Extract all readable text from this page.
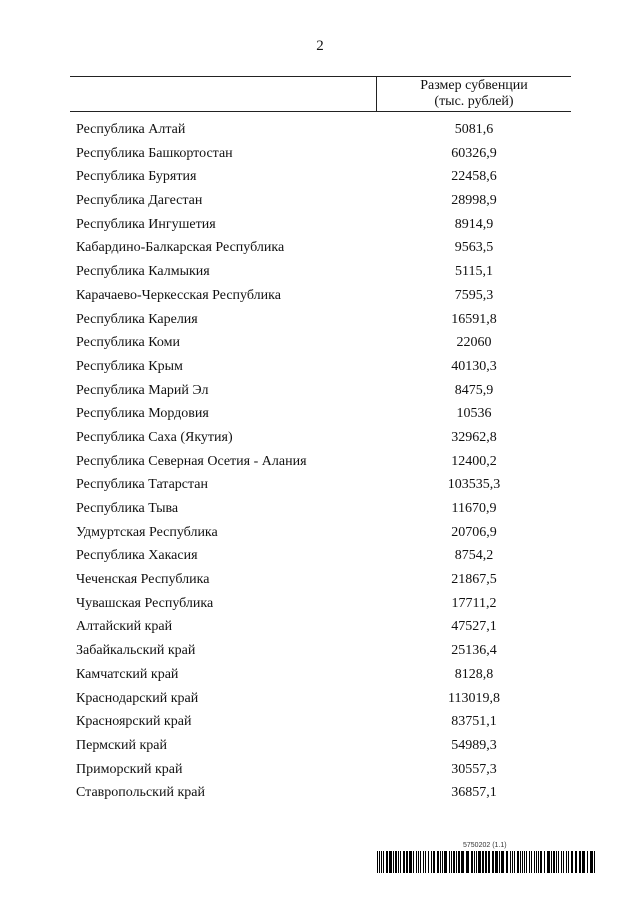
2
Размер субвенции
(тыс. рублей)
Республика Алтай	5081,6
Республика Башкортостан	60326,9
Республика Бурятия	22458,6
Республика Дагестан	28998,9
Республика Ингушетия	8914,9
Кабардино-Балкарская Республика	9563,5
Республика Калмыкия	5115,1
Карачаево-Черкесская Республика	7595,3
Республика Карелия	16591,8
Республика Коми	22060
Республика Крым	40130,3
Республика Марий Эл	8475,9
Республика Мордовия	10536
Республика Саха (Якутия)	32962,8
Республика Северная Осетия - Алания	12400,2
Республика Татарстан	103535,3
Республика Тыва	11670,9
Удмуртская Республика	20706,9
Республика Хакасия	8754,2
Чеченская Республика	21867,5
Чувашская Республика	17711,2
Алтайский край	47527,1
Забайкальский край	25136,4
Камчатский край	8128,8
Краснодарский край	113019,8
Красноярский край	83751,1
Пермский край	54989,3
Приморский край	30557,3
Ставропольский край	36857,1
5750202 (1.1)
